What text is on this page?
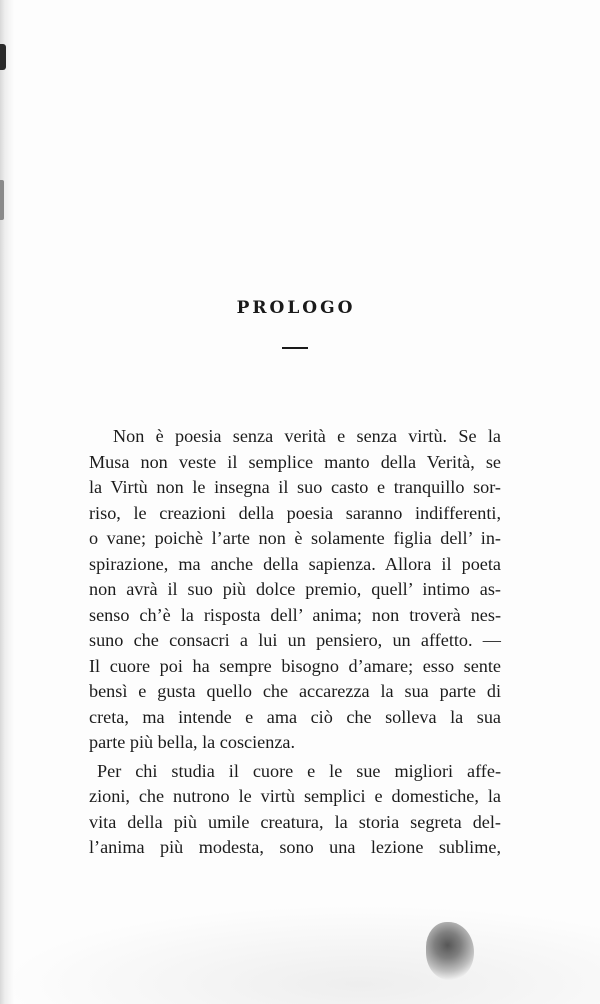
PROLOGO
Non è poesia senza verità e senza virtù. Se la
Musa non veste il semplice manto della Verità, se
la Virtù non le insegna il suo casto e tranquillo sor-
riso, le creazioni della poesia saranno indifferenti,
o vane; poichè l’arte non è solamente figlia dell’ in-
spirazione, ma anche della sapienza. Allora il poeta
non avrà il suo più dolce premio, quell’ intimo as-
senso ch’è la risposta dell’ anima; non troverà nes-
suno che consacri a lui un pensiero, un affetto. —
Il cuore poi ha sempre bisogno d’amare; esso sente
bensì e gusta quello che accarezza la sua parte di
creta, ma intende e ama ciò che solleva la sua
parte più bella, la coscienza.
Per chi studia il cuore e le sue migliori affe-
zioni, che nutrono le virtù semplici e domestiche, la
vita della più umile creatura, la storia segreta del-
l’anima più modesta, sono una lezione sublime,
